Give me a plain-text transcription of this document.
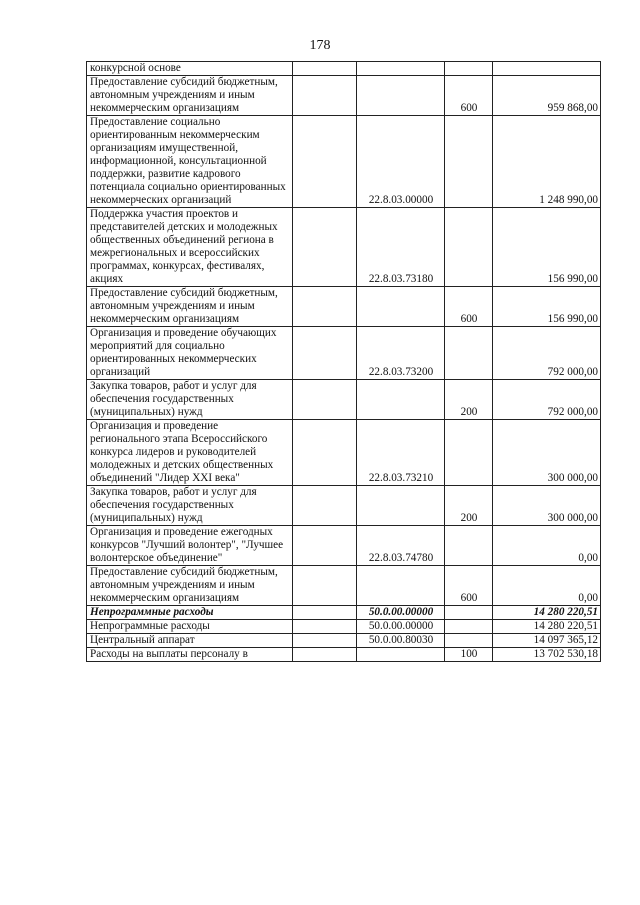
178
конкурсной основе				
Предоставление субсидий бюджетным, автономным учреждениям и иным некоммерческим организациям			600	959 868,00
Предоставление социально ориентированным некоммерческим организациям имущественной, информационной, консультационной поддержки, развитие кадрового потенциала социально ориентированных некоммерческих организаций		22.8.03.00000		1 248 990,00
Поддержка участия проектов и представителей детских и молодежных общественных объединений региона в межрегиональных и всероссийских программах, конкурсах, фестивалях, акциях		22.8.03.73180		156 990,00
Предоставление субсидий бюджетным, автономным учреждениям и иным некоммерческим организациям			600	156 990,00
Организация и проведение обучающих мероприятий для социально ориентированных некоммерческих организаций		22.8.03.73200		792 000,00
Закупка товаров, работ и услуг для обеспечения государственных (муниципальных) нужд			200	792 000,00
Организация и проведение регионального этапа Всероссийского конкурса лидеров и руководителей молодежных и детских общественных объединений "Лидер XXI века"		22.8.03.73210		300 000,00
Закупка товаров, работ и услуг для обеспечения государственных (муниципальных) нужд			200	300 000,00
Организация и проведение ежегодных конкурсов "Лучший волонтер", "Лучшее волонтерское объединение"		22.8.03.74780		0,00
Предоставление субсидий бюджетным, автономным учреждениям и иным некоммерческим организациям			600	0,00
Непрограммные расходы		50.0.00.00000		14 280 220,51
Непрограммные расходы		50.0.00.00000		14 280 220,51
Центральный аппарат		50.0.00.80030		14 097 365,12
Расходы на выплаты персоналу в			100	13 702 530,18
